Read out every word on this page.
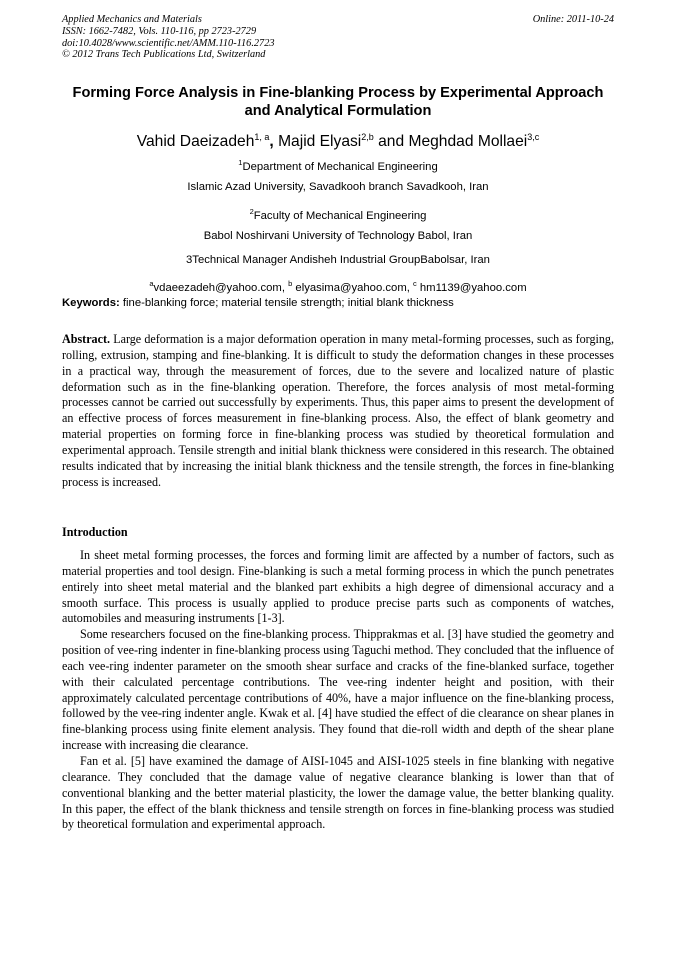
Applied Mechanics and Materials
ISSN: 1662-7482, Vols. 110-116, pp 2723-2729
doi:10.4028/www.scientific.net/AMM.110-116.2723
© 2012 Trans Tech Publications Ltd, Switzerland
Online: 2011-10-24
Forming Force Analysis in Fine-blanking Process by Experimental Approach and Analytical Formulation
Vahid Daeizadeh$^{1, a}$, Majid Elyasi$^{2,b}$ and Meghdad Mollaei$^{3,c}$
$^1$Department of Mechanical Engineering
Islamic Azad University, Savadkooh branch Savadkooh, Iran
$^2$Faculty of Mechanical Engineering
Babol Noshirvani University of Technology Babol, Iran
3Technical Manager Andisheh Industrial GroupBabolsar, Iran
$^a$vdaeezadeh@yahoo.com, $^b$ elyasima@yahoo.com, $^c$ hm1139@yahoo.com
Keywords: fine-blanking force; material tensile strength; initial blank thickness

Abstract. Large deformation is a major deformation operation in many metal-forming processes, such as forging, rolling, extrusion, stamping and fine-blanking. It is difficult to study the deformation changes in these processes in a practical way, through the measurement of forces, due to the severe and localized nature of plastic deformation such as in the fine-blanking operation. Therefore, the forces analysis of most metal-forming processes cannot be carried out successfully by experiments. Thus, this paper aims to present the development of an effective process of forces measurement in fine-blanking process. Also, the effect of blank geometry and material properties on forming force in fine-blanking process was studied by theoretical formulation and experimental approach. Tensile strength and initial blank thickness were considered in this research. The obtained results indicated that by increasing the initial blank thickness and the tensile strength, the forces in fine-blanking process is increased.

Introduction

In sheet metal forming processes, the forces and forming limit are affected by a number of factors, such as material properties and tool design. Fine-blanking is such a metal forming process in which the punch penetrates entirely into sheet metal material and the blanked part exhibits a high degree of dimensional accuracy and a smooth surface. This process is usually applied to produce precise parts such as components of watches, automobiles and measuring instruments [1-3].

Some researchers focused on the fine-blanking process. Thipprakmas et al. [3] have studied the geometry and position of vee-ring indenter in fine-blanking process using Taguchi method. They concluded that the influence of each vee-ring indenter parameter on the smooth shear surface and cracks of the fine-blanked surface, together with their calculated percentage contributions. The vee-ring indenter height and position, with their approximately calculated percentage contributions of 40%, have a major influence on the fine-blanking process, followed by the vee-ring indenter angle. Kwak et al. [4] have studied the effect of die clearance on shear planes in fine-blanking process using finite element analysis. They found that die-roll width and depth of the shear plane increase with increasing die clearance.

Fan et al. [5] have examined the damage of AISI-1045 and AISI-1025 steels in fine blanking with negative clearance. They concluded that the damage value of negative clearance blanking is lower than that of conventional blanking and the better material plasticity, the lower the damage value, the better blanking quality. In this paper, the effect of the blank thickness and tensile strength on forces in fine-blanking process was studied by theoretical formulation and experimental approach.
